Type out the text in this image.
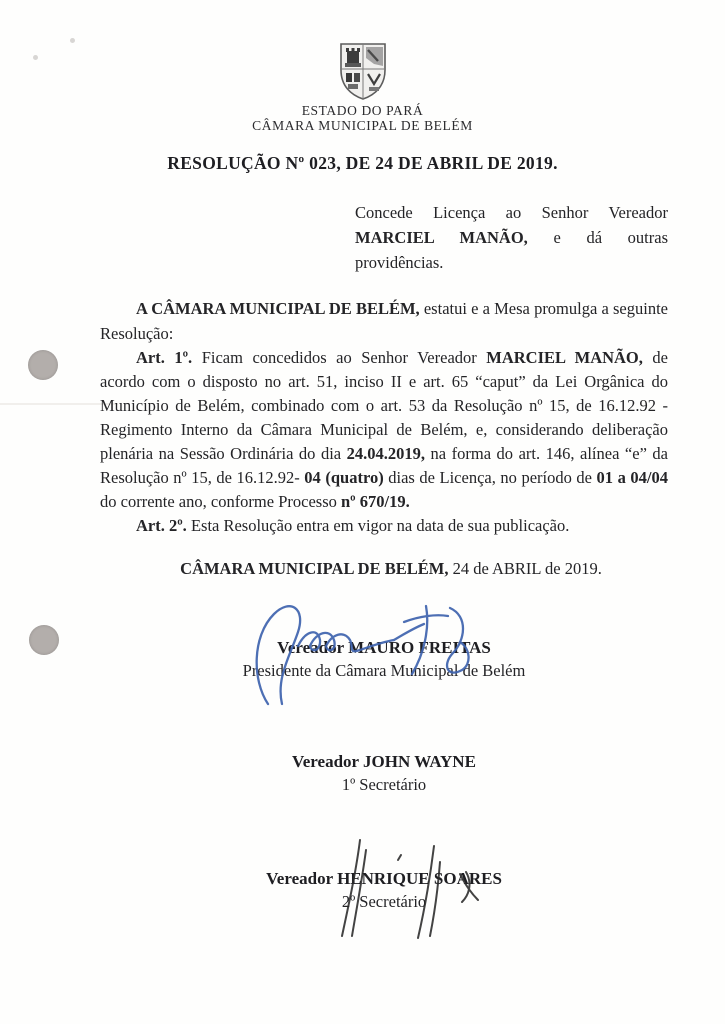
ESTADO DO PARÁ
CÂMARA MUNICIPAL DE BELÉM
RESOLUÇÃO Nº 023, DE 24 DE ABRIL DE 2019.

Concede Licença ao Senhor Vereador MARCIEL MANÃO, e dá outras providências.

A CÂMARA MUNICIPAL DE BELÉM, estatui e a Mesa promulga a seguinte Resolução:

Art. 1º. Ficam concedidos ao Senhor Vereador MARCIEL MANÃO, de acordo com o disposto no art. 51, inciso II e art. 65 “caput” da Lei Orgânica do Município de Belém, combinado com o art. 53 da Resolução nº 15, de 16.12.92 - Regimento Interno da Câmara Municipal de Belém, e, considerando deliberação plenária na Sessão Ordinária do dia 24.04.2019, na forma do art. 146, alínea “e” da Resolução nº 15, de 16.12.92- 04 (quatro) dias de Licença, no período de 01 a 04/04 do corrente ano, conforme Processo nº 670/19.

Art. 2º. Esta Resolução entra em vigor na data de sua publicação.

CÂMARA MUNICIPAL DE BELÉM, 24 de ABRIL de 2019.

Vereador MAURO FREITAS
Presidente da Câmara Municipal de Belém
Vereador JOHN WAYNE
1º Secretário
Vereador HENRIQUE SOARES
2º Secretário
